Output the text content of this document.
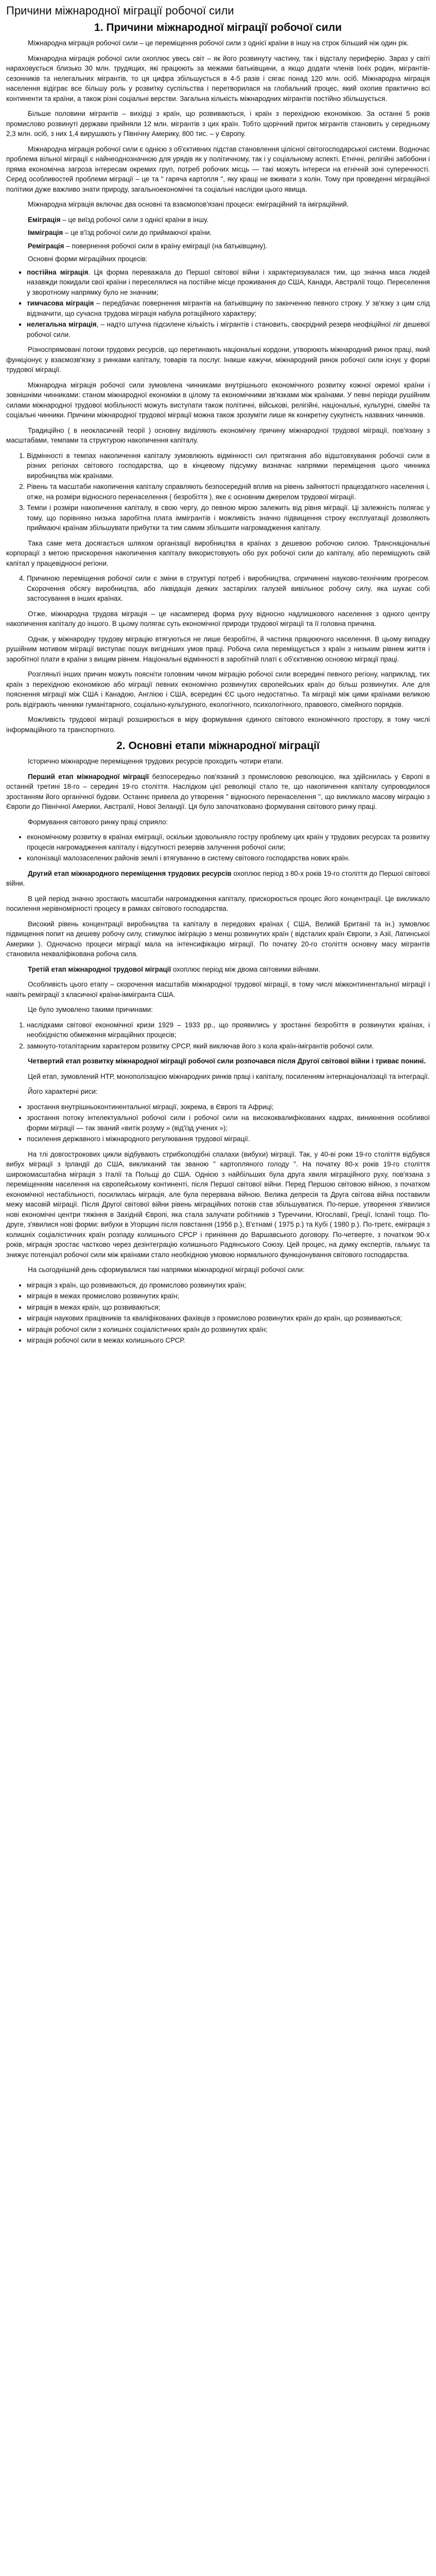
Причини міжнародної міграції робочої сили
1. Причини міжнародної міграції робочої сили

Міжнародна міграція робочої сили – це переміщення робочої сили з однієї країни в іншу на строк більший ніж один рік.

Міжнародна міграція робочої сили охоплює увесь світ – як його розвинуту частину, так і відсталу периферію. Зараз у світі нараховується близько 30 млн. трудящих, які працюють за межами батьківщини, а якщо додати членів їхніх родин, мігрантів-сезонників та нелегальних мігрантів, то ця цифра збільшується в 4-5 разів і сягає понад 120 млн. осіб. Міжнародна міграція населення відіграє все більшу роль у розвитку суспільства і перетворилася на глобальний процес, який охопив практично всі континенти та країни, а також різні соціальні верстви. Загальна кількість міжнародних мігрантів постійно збільшується.

Більше половини мігрантів – вихідці з країн, що розвиваються, і країн з перехідною економікою. За останні 5 років промислово розвинуті держави прийняли 12 млн. мігрантів з цих країн. Тобто щорічний приток мігрантів становить у середньому 2,3 млн. осіб, з них 1,4 вирушають у Північну Америку, 800 тис. – у Європу.

Міжнародна міграція робочої сили є однією з об'єктивних підстав становлення цілісної світогосподарської системи. Водночас проблема вільної міграції є найнеоднозначною для урядів як у політичному, так і у соціальному аспекті. Етнічні, релігійні забобони і пряма економічна загроза інтересам окремих груп, потреб робочих місць — такі можуть інтереси на етнічній зоні суперечності. Серед особливостей проблеми міграції – це та " гаряча картопля ", яку кращі не вживати з колін. Тому при проведенні міграційної політики дуже важливо знати природу, загальноекономічні та соціальні наслідки цього явища.

Міжнародна міграція включає два основні та взаємопов'язані процеси: еміграційний та іміграційний.

Еміграція – це виїзд робочої сили з однієї країни в іншу.

Імміграція – це в'їзд робочої сили до приймаючої країни.

Реміграція – повернення робочої сили в країну еміграції (на батьківщину).

Основні форми міграційних процесів:

▪ постійна міграція. Ця форма переважала до Першої світової війни і характеризувалася тим, що значна маса людей назавжди покидали свої країни і переселялися на постійне місце проживання до США, Канади, Австралії тощо. Переселення у зворотному напрямку було не значним;
▪ тимчасова міграція – передбачає повернення мігрантів на батьківщину по закінченню певного строку. У зв'язку з цим слід відзначити, що сучасна трудова міграція набула ротаційного характеру;
▪ нелегальна міграція, – надто штучна підсилене кількість і мігрантів і становить, своєрідний резерв неофіційної ліг дешевої робочої сили.

Різноспрямовані потоки трудових ресурсів, що перетинають національні кордони, утворюють міжнародний ринок праці, який функціонує у взаємозв'язку з ринками капіталу, товарів та послуг. Інакше кажучи, міжнародний ринок робочої сили існує у формі трудової міграції.

Міжнародна міграція робочої сили зумовлена чинниками внутрішнього економічного розвитку кожної окремої країни і зовнішніми чинниками: станом міжнародної економіки в цілому та економічними зв'язками між країнами. У певні періоди рушійним силами міжнародної трудової мобільності можуть виступати також політичні, військові, релігійні, національні, культурні, сімейні та соціальні чинники. Причини міжнародної трудової міграції можна також зрозуміти лише як конкретну сукупність названих чинників.

Традиційно ( в неокласичній теорії ) основну виділяють економічну причину міжнародної трудової міграції, пов'язану з масштабами, темпами та структурою накопичення капіталу.

1. Відмінності в темпах накопичення капіталу зумовлюють відмінності сил притягання або відштовхування робочої сили в різних регіонах світового господарства, що в кінцевому підсумку визначає напрямки переміщення цього чинника виробництва між країнами.
2. Рівень та масштаби накопичення капіталу справляють безпосередній вплив на рівень зайнятості працездатного населення і, отже, на розміри відносного перенаселення ( безробіття ), яке є основним джерелом трудової міграції.
3. Темпи і розміри накопичення капіталу, в свою чергу, до певною мірою залежить від рівня міграції. Ці залежність полягає у тому, що порівняно низька заробітна плата іммігрантів і можливість значно підвищення строку експлуатації дозволяють приймаючі країнам збільшувати прибутки та тим самим збільшити нагромадження капіталу.

Така саме мета досягається шляхом організації виробництва в країнах з дешевою робочою силою. Транснаціональні корпорації з метою прискорення накопичення капіталу використовують обо рух робочої сили до капіталу, або переміщують свій капітал у працевідносні регіони.

4. Причиною переміщення робочої сили є зміни в структурі потреб і виробництва, спричинені науково-технічним прогресом. Скорочення обсягу виробництва, або ліквідація деяких застарілих галузей вивільнює робочу силу, яка шукає собі застосування в інших країнах.

Отже, міжнародна трудова міграція – це насамперед форма руху відносно надлишкового населення з одного центру накопичення капіталу до іншого. В цьому полягає суть економічної природи трудової міграції та її головна причина.

Однак, у міжнародну трудову міграцію втягуються не лише безробітні, й частина працюючого населення. В цьому випадку рушійним мотивом міграції виступає пошук вигідніших умов праці. Робоча сила переміщується з країн з низьким рівнем життя і заробітної плати в країни з вищим рівнем. Національні відмінності в заробітній платі є об'єктивною основою міграції праці.

Розгляньті інших причин можуть поясніти головним чином міграцію робочої сили всередині певного регіону, наприклад, тих країн з перехідною економікою або міграції певних економічно розвинутих європейських країн до більш розвинутих. Але для пояснення міграції між США і Канадою, Англією і США, всередині ЄС цього недостатньо. Та міграції між цими країнами великою роль відіграють чинники гуманітарного, соціально-культурного, екологічного, психологічного, правового, сімейного порядків.

Можливість трудової міграції розширюється в міру формування єдиного світового економічного простору, в тому числі інформаційного та транспортного.

2. Основні етапи міжнародної міграції

Історично міжнародне переміщення трудових ресурсів проходить чотири етапи.

Перший етап міжнародної міграції безпосередньо пов'язаний з промисловою революцією, яка здійснилась у Європі в останній третині 18-го – середині 19-го століття. Наслідком цієї революції стало те, що накопичення капіталу супроводилося зростанням його органічної будови. Останнє привела до утворення " відносного перенаселення ", що викликало масову міграцію з Європи до Північної Америки, Австралії, Нової Зеландії. Ця було започатковано формування світового ринку праці.

Формування світового ринку праці сприяло:

• економічному розвитку в країнах еміграції, оскільки здовольняло гостру проблему цих країн у трудових ресурсах та розвитку процесів нагромадження капіталу і відсутності резервів залучення робочої сили;
• колонізації малозаселених районів землі і втягуванню в систему світового господарства нових країн.

Другий етап міжнародного переміщення трудових ресурсів охоплює період з 80-х років 19-го століття до Першої світової війни.

В цей період значно зростають масштаби нагромадження капіталу, прискорюється процес його концентрації. Це викликало посилення нерівномірності процесу в рамках світового господарства.

Високий рівень концентрації виробництва та капіталу в передових країнах ( США, Великій Британії та ін.) зумовлює підвищення попит на дешеву робочу силу, стимулює іміграцію з менш розвинутих країн ( відсталих країн Європи, з Азії, Латинської Америки ). Одночасно процеси міграції мала на інтенсифікацію міграції. По початку 20-го століття основну масу мігрантів становила некваліфікована робоча сила.

Третій етап міжнародної трудової міграції охоплює період між двома світовими війнами.

Особливість цього етапу – скорочення масштабів міжнародної трудової міграції, в тому числі міжконтинентальної міграції і навіть реміграції з класичної країни-іммігранта США.

Це було зумовлено такими причинами:

1. наслідками світової економічної кризи 1929 – 1933 рр., що проявились у зростанні безробіття в розвинутих країнах, і необхідністю обмеження міграційних процесів;
2. замкнуто-тоталітарним характером розвитку СРСР, який виключав його з кола країн-імігрантів робочої сили.

Четвертий етап розвитку міжнародної міграції робочої сили розпочався після Другої світової війни і триває понині.

Цей етап, зумовлений НТР, монополізацією міжнародних ринків праці і капіталу, посиленням інтернаціоналізації та інтеграції.

Його характерні риси:

• зростання внутрішньоконтинентальної міграції, зокрема, в Європі та Африці;
• зростання потоку інтелектуальної робочої сили і робочої сили на висококвалифікованих кадрах, виникнення особливої форми міграції — так званий «витік розуму » (від'їзд учених »);
• посилення державного і міжнародного регулювання трудової міграції.

На тлі довгострокових цикли відбувають стрибкоподібні спалахи (вибухи) міграції. Так, у 40-ві роки 19-го століття відбувся вибух міграції з Ірландії до США, викликаний так званою " картопляного голоду ". На початку 80-х років 19-го століття широкомасштабна міграція з Італії та Польщі до США. Однією з найбільших була друга хвиля міграційного руху, пов'язана з переміщенням населення на європейському континенті, після Першої світової війни. Перед Першою світовою війною, з початком економічної нестабільності, посилилась міграція, але була перервана війною. Велика депресія та Друга світова війна поставили межу масовій міграції. Після Другої світової війни рівень міграційних потоків став збільшуватися. По-перше, утворення з'явилися нові економічні центри тяжіння в Західній Європі, яка стала залучати робітників з Туреччини, Югославії, Греції, Іспанії тощо. По-друге, з'явилися нові форми: вибухи в Угорщині після повстання (1956 р.), В'єтнамі ( 1975 р.) та Кубі ( 1980 р.). По-третє, еміграція з колишніх соціалістичних країн розпаду колишнього СРСР і приніяння до Варшавського договору. По-четверте, з початком 90-х років, міграція зростає частково через дезінтеграцію колишнього Радянського Союзу. Цей процес, на думку експертів, гальмує та знижує потенціал робочої сили між країнами стало необхідною умовою нормального функціонування світового господарства.

На сьогоднішній день сформувалися такі напрямки міжнародної міграції робочої сили:

• міграція з країн, що розвиваються, до промислово розвинутих країн;
• міграція в межах промислово розвинутих країн;
• міграція в межах країн, що розвиваються;
• міграція наукових працівників та кваліфікованих фахівців з промислово розвинутих країн до країн, що розвиваються;
• міграція робочої сили з колишніх соціалістичних країн до розвинутих країн;
• міграція робочої сили в межах колишнього СРСР.
